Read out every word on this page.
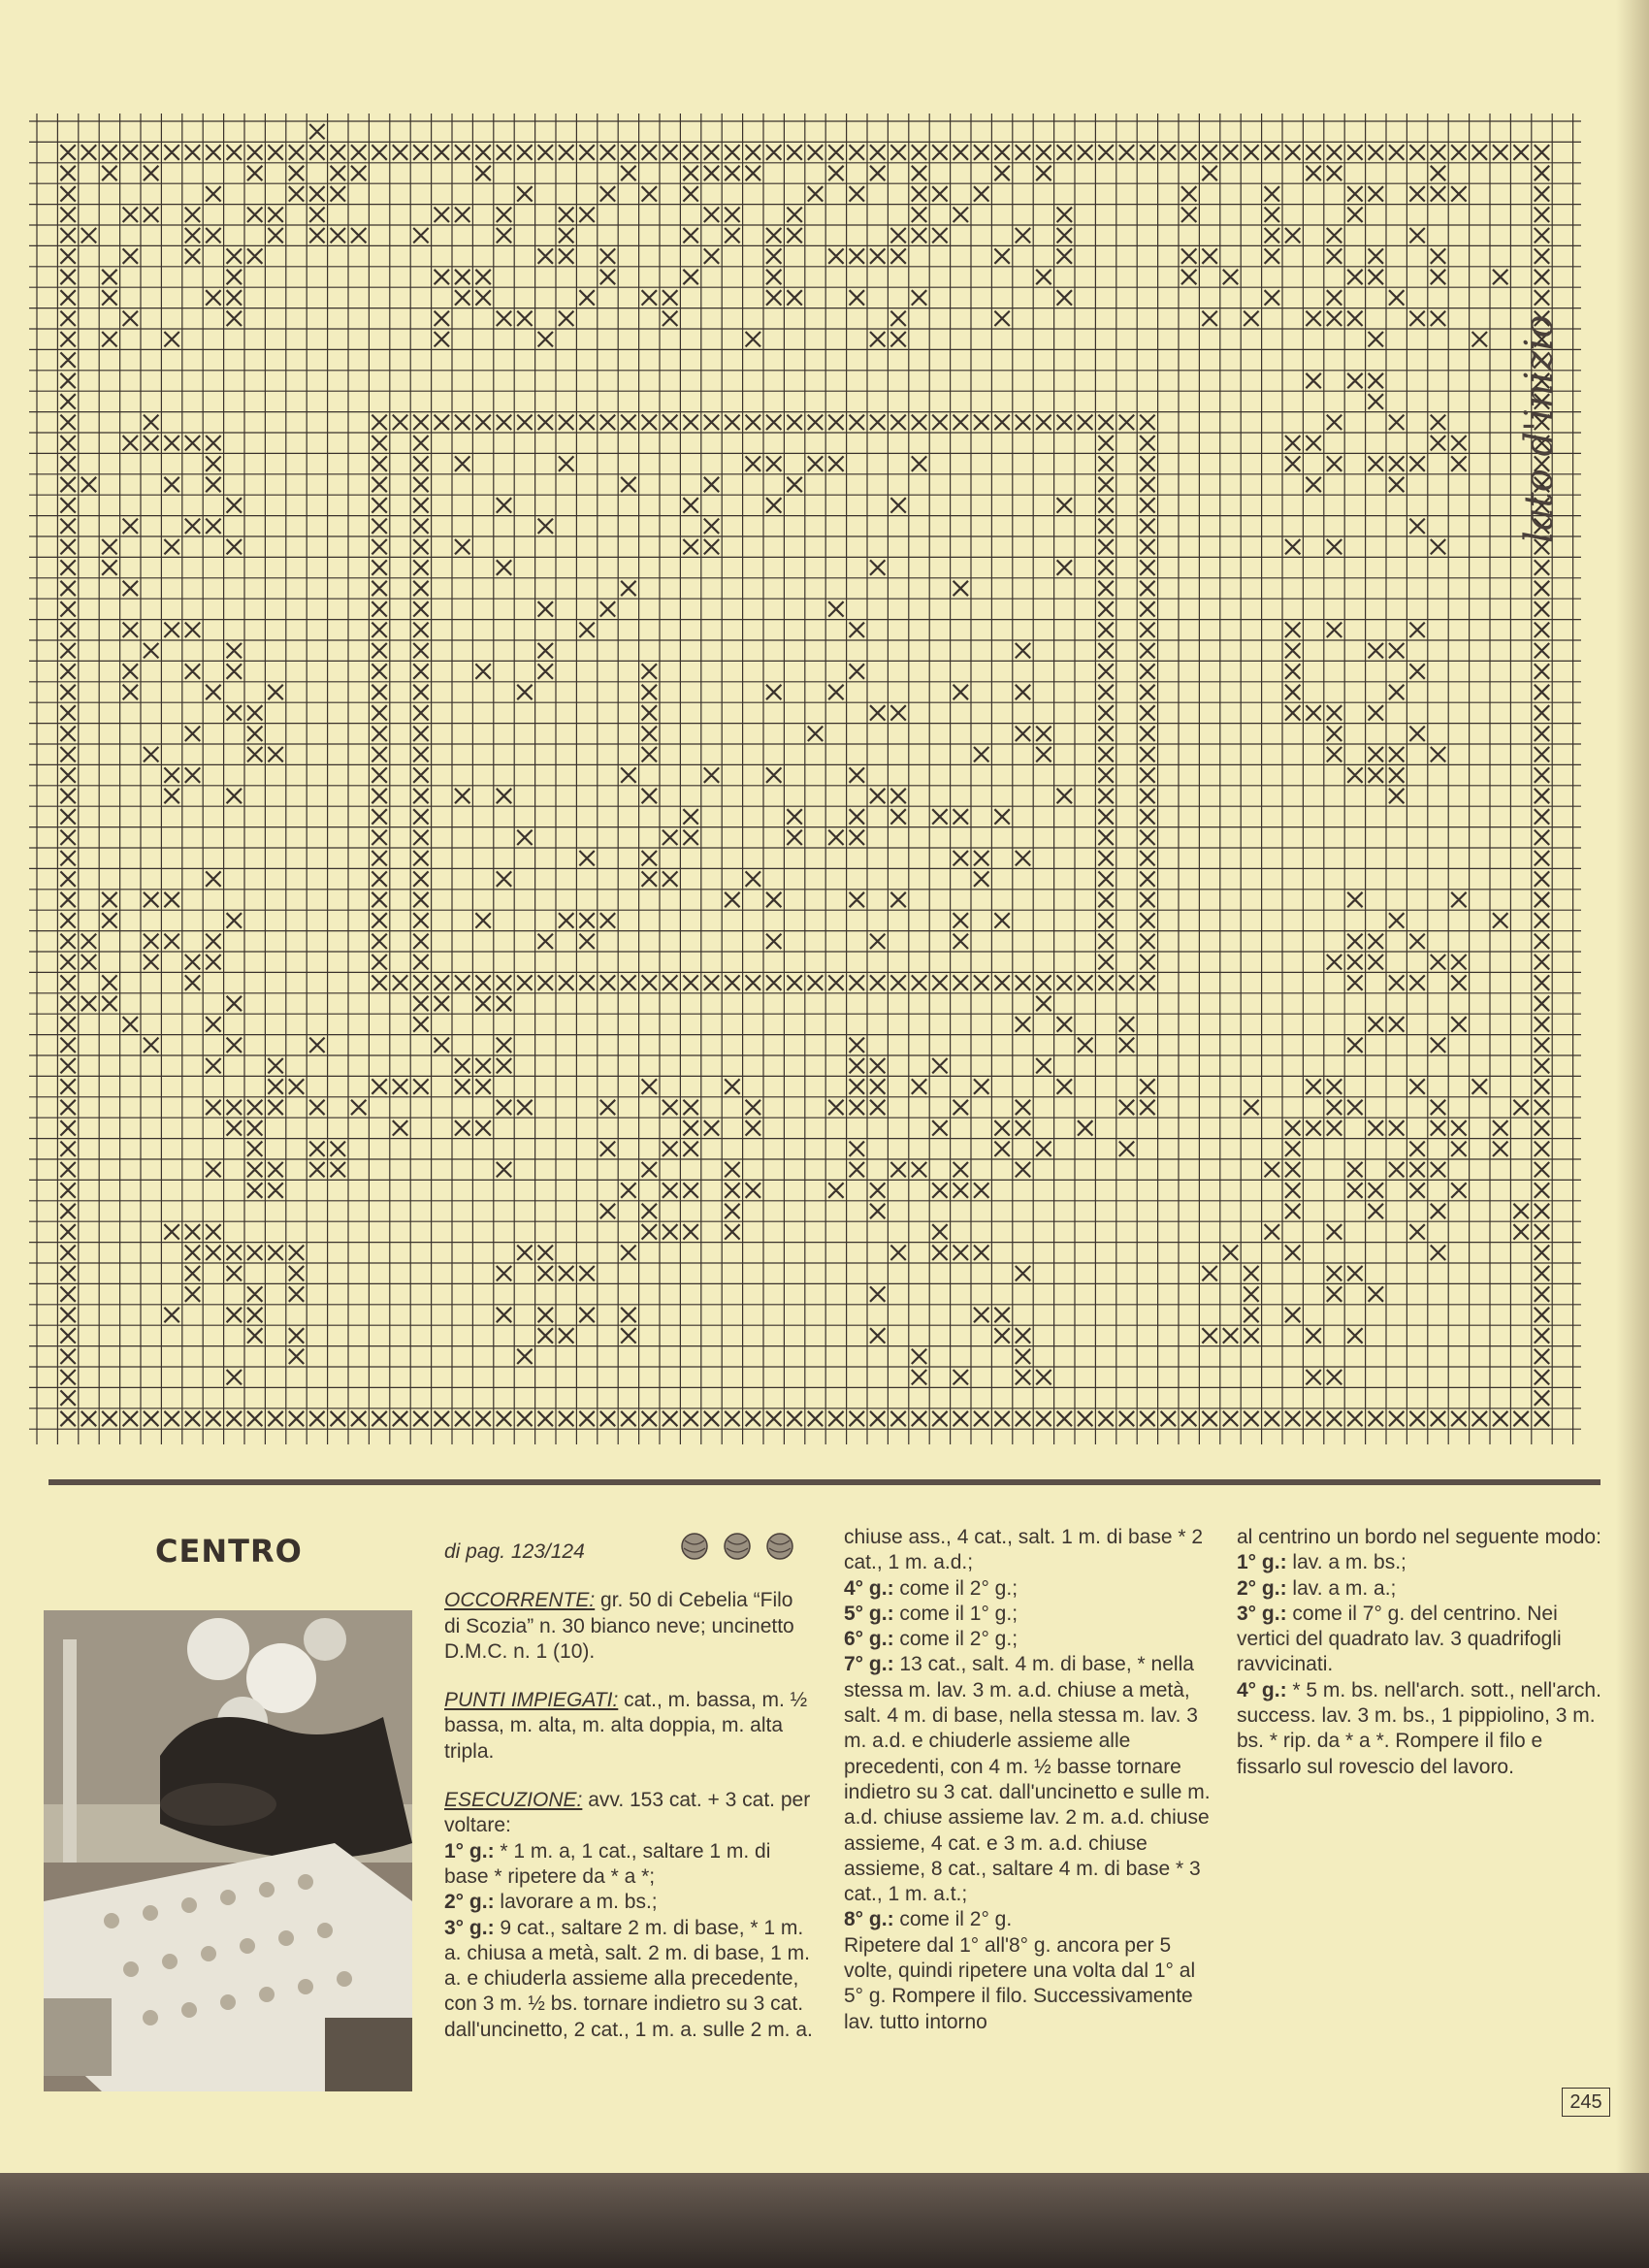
lato d'inizio
CENTRO	di pag. 123/124

OCCORRENTE: gr. 50 di Cebelia “Filo di Scozia” n. 30 bianco neve; uncinetto D.M.C. n. 1 (10).

PUNTI IMPIEGATI: cat., m. bassa, m. ½ bassa, m. alta, m. alta doppia, m. alta tripla.

ESECUZIONE: avv. 153 cat. + 3 cat. per voltare:

1° g.: * 1 m. a, 1 cat., saltare 1 m. di base * ripetere da * a *;

2° g.: lavorare a m. bs.;

3° g.: 9 cat., saltare 2 m. di base, * 1 m. a. chiusa a metà, salt. 2 m. di base, 1 m. a. e chiuderla assieme alla precedente, con 3 m. ½ bs. tornare indietro su 3 cat. dall'uncinetto, 2 cat., 1 m. a. sulle 2 m. a.

chiuse ass., 4 cat., salt. 1 m. di base * 2 cat., 1 m. a.d.;

4° g.: come il 2° g.;

5° g.: come il 1° g.;

6° g.: come il 2° g.;

7° g.: 13 cat., salt. 4 m. di base, * nella stessa m. lav. 3 m. a.d. chiuse a metà, salt. 4 m. di base, nella stessa m. lav. 3 m. a.d. e chiuderle assieme alle precedenti, con 4 m. ½ basse tornare indietro su 3 cat. dall'uncinetto e sulle m. a.d. chiuse assieme lav. 2 m. a.d. chiuse assieme, 4 cat. e 3 m. a.d. chiuse assieme, 8 cat., saltare 4 m. di base * 3 cat., 1 m. a.t.;

8° g.: come il 2° g.

Ripetere dal 1° all'8° g. ancora per 5 volte, quindi ripetere una volta dal 1° al 5° g. Rompere il filo. Successivamente lav. tutto intorno

al centrino un bordo nel seguente modo:

1° g.: lav. a m. bs.;

2° g.: lav. a m. a.;

3° g.: come il 7° g. del centrino. Nei vertici del quadrato lav. 3 quadrifogli ravvicinati.

4° g.: * 5 m. bs. nell'arch. sott., nell'arch. success. lav. 3 m. bs., 1 pippiolino, 3 m. bs. * rip. da * a *. Rompere il filo e fissarlo sul rovescio del lavoro.

245
